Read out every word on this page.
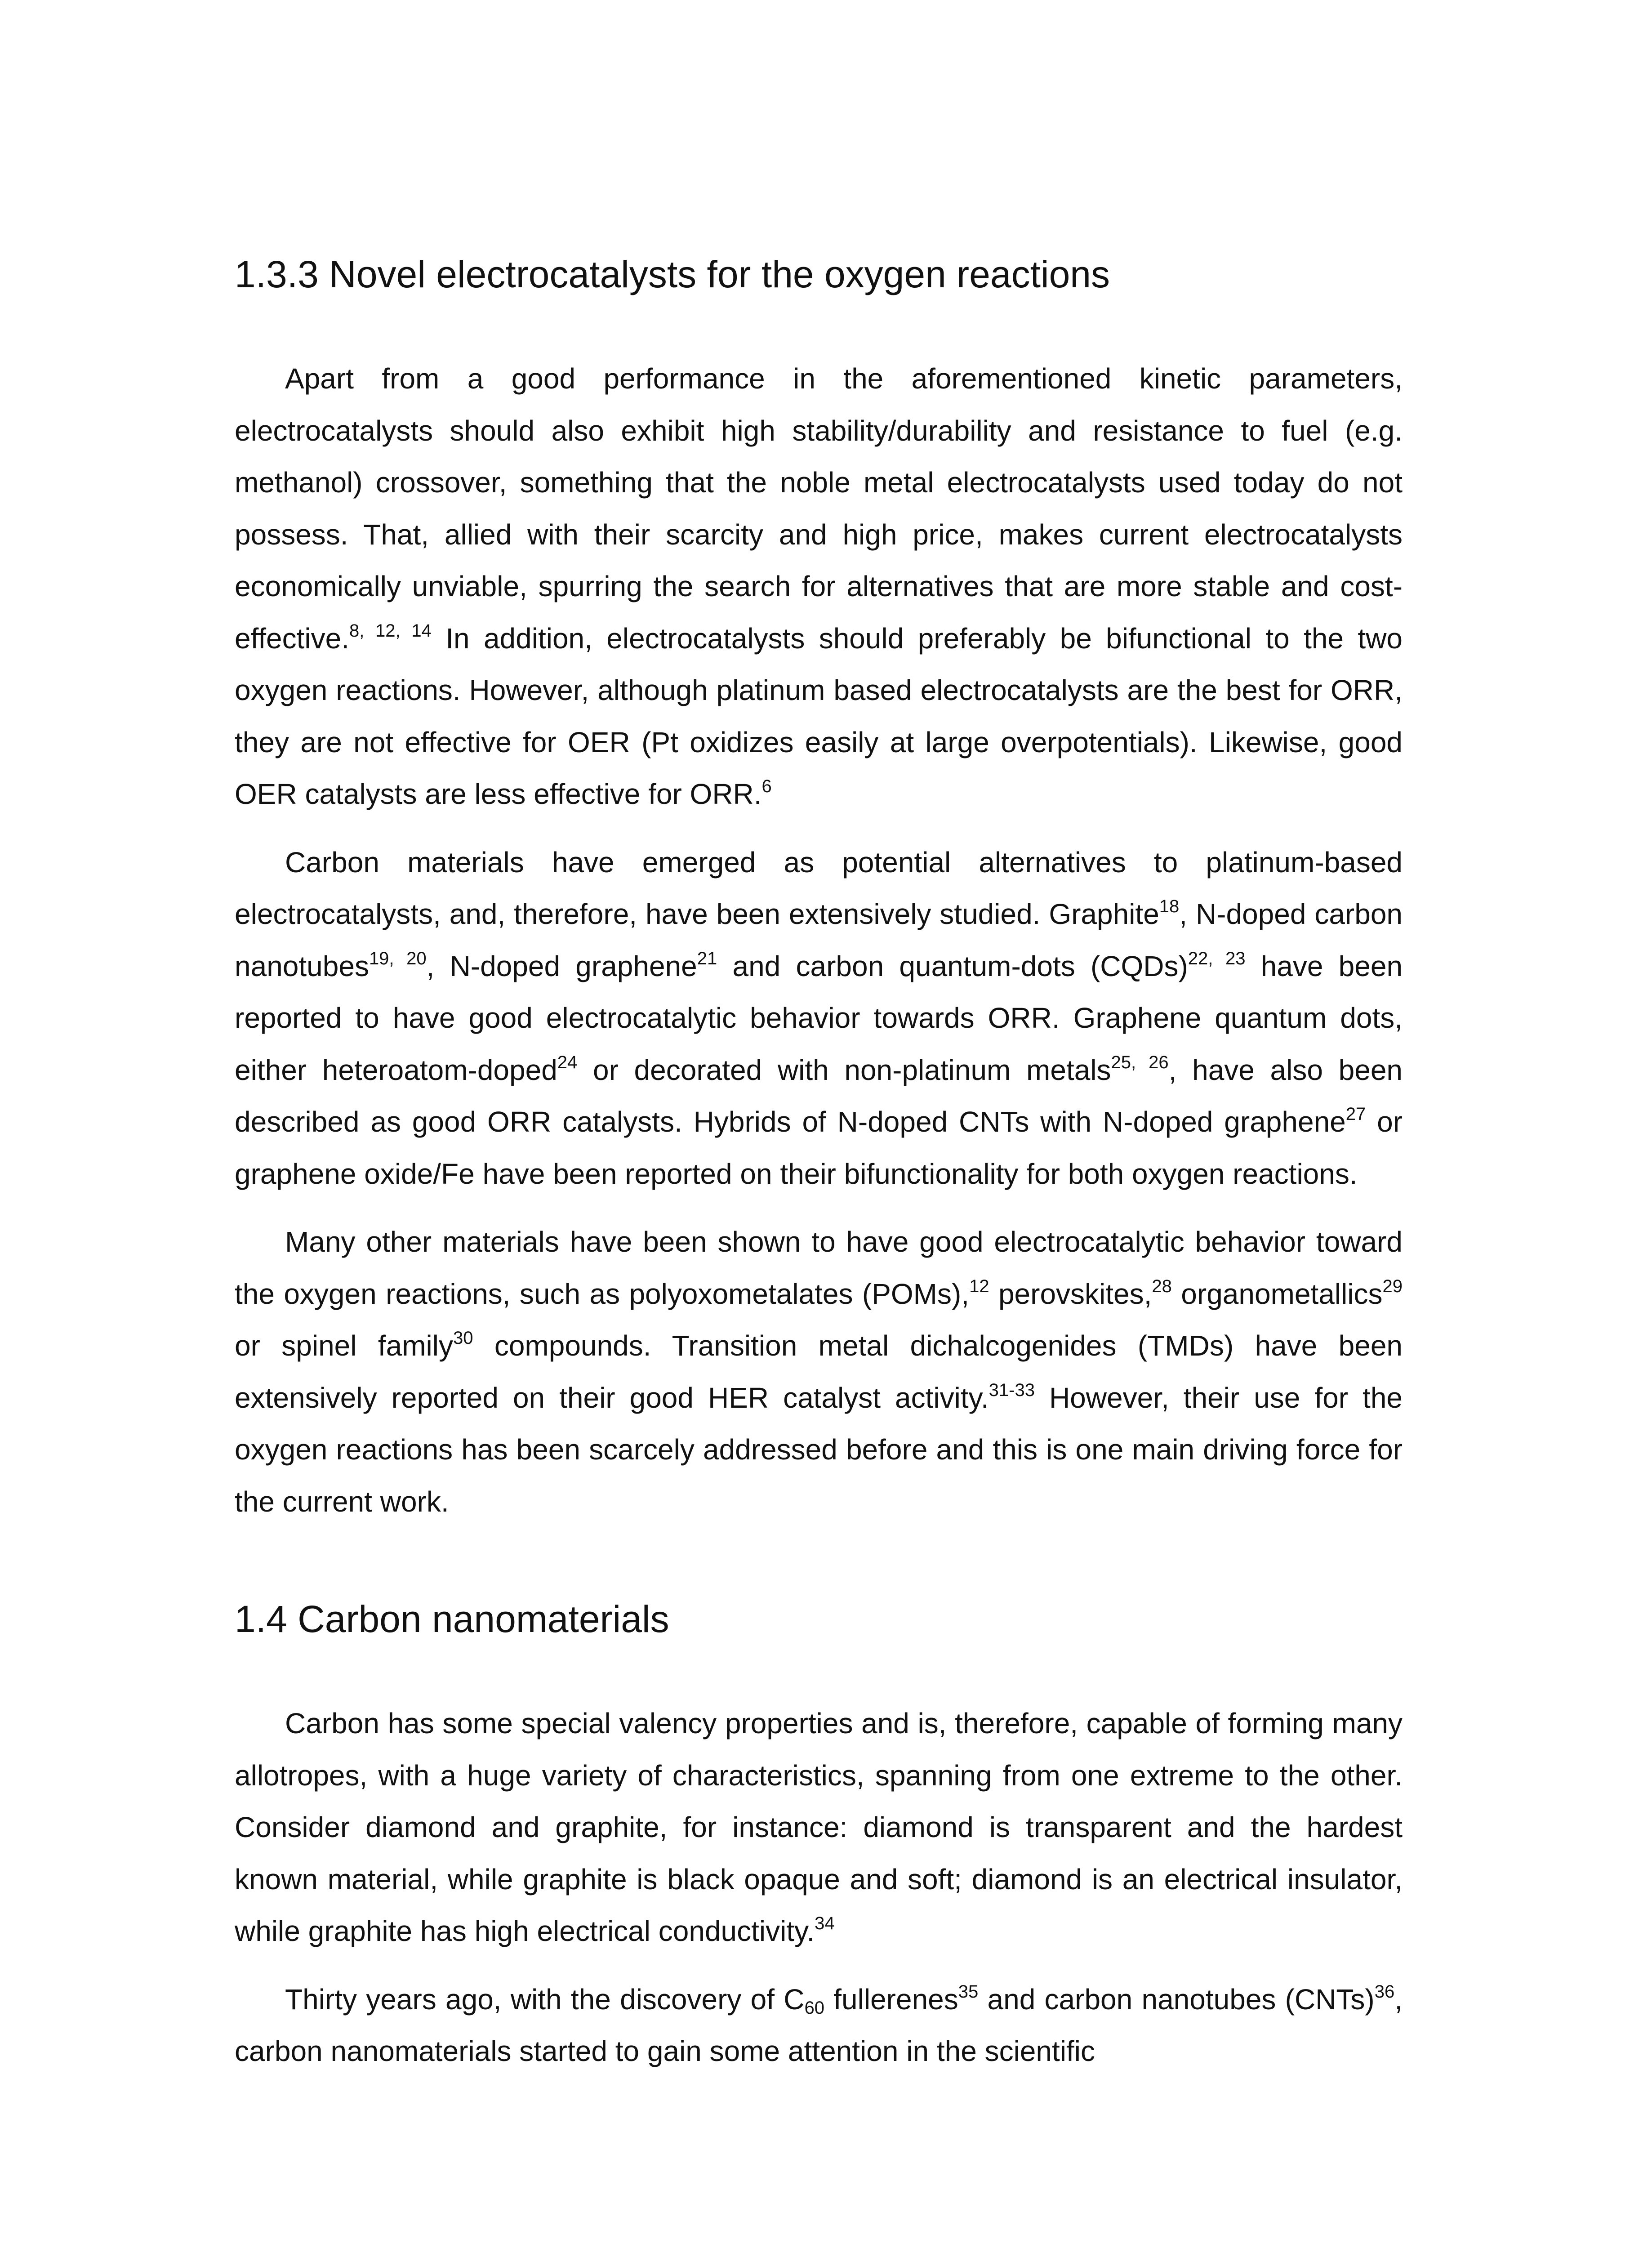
1.3.3 Novel electrocatalysts for the oxygen reactions

Apart from a good performance in the aforementioned kinetic parameters, electrocatalysts should also exhibit high stability/durability and resistance to fuel (e.g. methanol) crossover, something that the noble metal electrocatalysts used today do not possess. That, allied with their scarcity and high price, makes current electrocatalysts economically unviable, spurring the search for alternatives that are more stable and cost-effective.$^{8, 12, 14}$ In addition, electrocatalysts should preferably be bifunctional to the two oxygen reactions. However, although platinum based electrocatalysts are the best for ORR, they are not effective for OER (Pt oxidizes easily at large overpotentials). Likewise, good OER catalysts are less effective for ORR.$^6$

Carbon materials have emerged as potential alternatives to platinum-based electrocatalysts, and, therefore, have been extensively studied. Graphite$^{18}$, N-doped carbon nanotubes$^{19, 20}$, N-doped graphene$^{21}$ and carbon quantum-dots (CQDs)$^{22, 23}$ have been reported to have good electrocatalytic behavior towards ORR. Graphene quantum dots, either heteroatom-doped$^{24}$ or decorated with non-platinum metals$^{25, 26}$, have also been described as good ORR catalysts. Hybrids of N-doped CNTs with N-doped graphene$^{27}$ or graphene oxide/Fe have been reported on their bifunctionality for both oxygen reactions.

Many other materials have been shown to have good electrocatalytic behavior toward the oxygen reactions, such as polyoxometalates (POMs),$^{12}$ perovskites,$^{28}$ organometallics$^{29}$ or spinel family$^{30}$ compounds. Transition metal dichalcogenides (TMDs) have been extensively reported on their good HER catalyst activity.$^{31-33}$ However, their use for the oxygen reactions has been scarcely addressed before and this is one main driving force for the current work.

1.4 Carbon nanomaterials

Carbon has some special valency properties and is, therefore, capable of forming many allotropes, with a huge variety of characteristics, spanning from one extreme to the other. Consider diamond and graphite, for instance: diamond is transparent and the hardest known material, while graphite is black opaque and soft; diamond is an electrical insulator, while graphite has high electrical conductivity.$^{34}$

Thirty years ago, with the discovery of $C_{60}$ fullerenes$^{35}$ and carbon nanotubes (CNTs)$^{36}$, carbon nanomaterials started to gain some attention in the scientific
